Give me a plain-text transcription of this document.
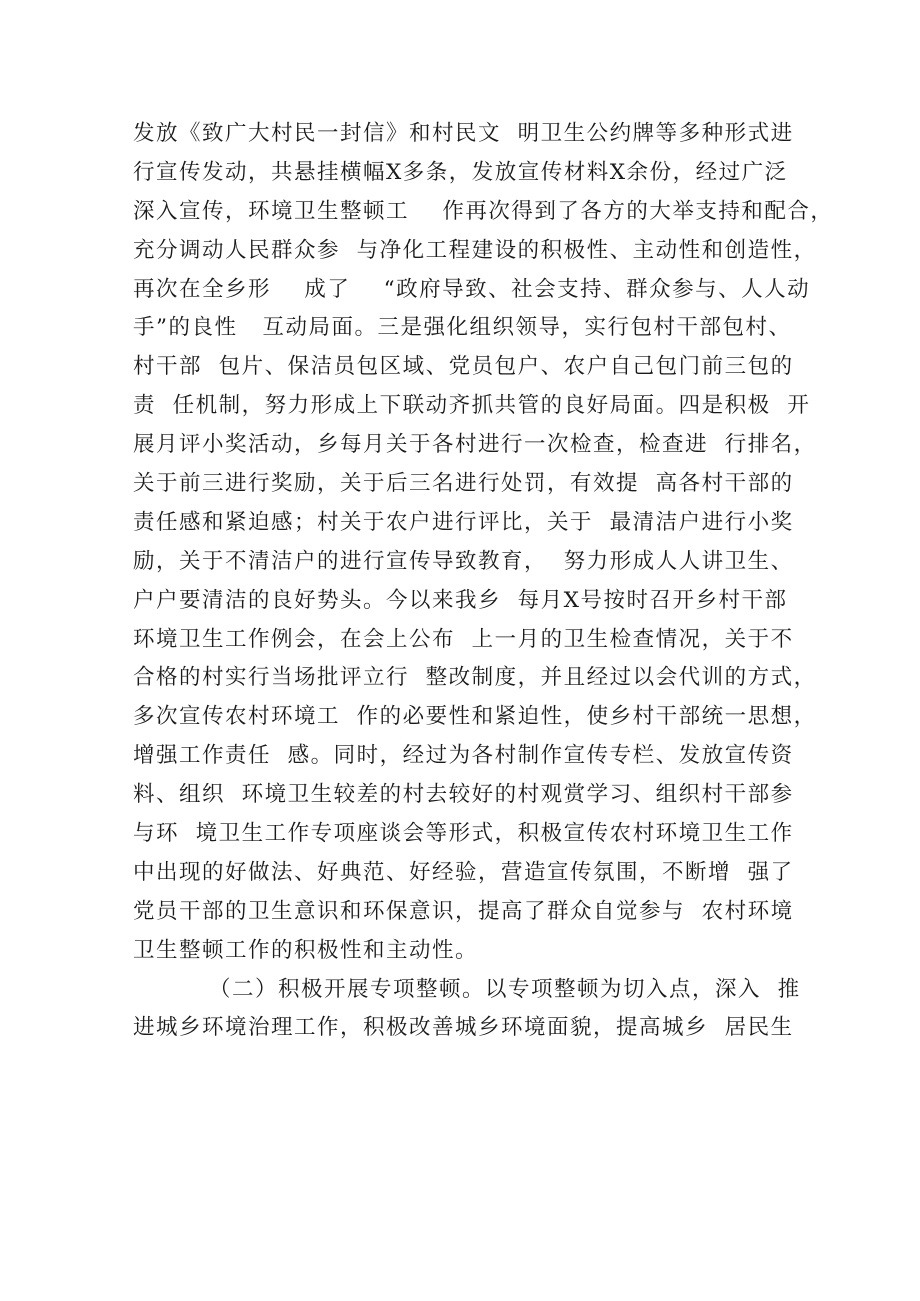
发放《致广大村民一封信》和村民文  明卫生公约牌等多种形式进
行宣传发动，共悬挂横幅X多条，发放宣传材料X余份，经过广泛
深入宣传，环境卫生整顿工    作再次得到了各方的大举支持和配合，
充分调动人民群众参  与净化工程建设的积极性、主动性和创造性，
再次在全乡形    成了    “政府导致、社会支持、群众参与、人人动
手”的良性   互动局面。三是强化组织领导，实行包村干部包村、
村干部  包片、保洁员包区域、党员包户、农户自己包门前三包的
责  任机制，努力形成上下联动齐抓共管的良好局面。四是积极  开
展月评小奖活动，乡每月关于各村进行一次检查，检查进  行排名，
关于前三进行奖励，关于后三名进行处罚，有效提  高各村干部的
责任感和紧迫感；村关于农户进行评比，关于  最清洁户进行小奖
励，关于不清洁户的进行宣传导致教育，  努力形成人人讲卫生、
户户要清洁的良好势头。今以来我乡  每月X号按时召开乡村干部
环境卫生工作例会，在会上公布  上一月的卫生检查情况，关于不
合格的村实行当场批评立行  整改制度，并且经过以会代训的方式，
多次宣传农村环境工  作的必要性和紧迫性，使乡村干部统一思想，
增强工作责任  感。同时，经过为各村制作宣传专栏、发放宣传资
料、组织  环境卫生较差的村去较好的村观赏学习、组织村干部参
与环  境卫生工作专项座谈会等形式，积极宣传农村环境卫生工作
中出现的好做法、好典范、好经验，营造宣传氛围，不断增  强了
党员干部的卫生意识和环保意识，提高了群众自觉参与  农村环境
卫生整顿工作的积极性和主动性。
（二）积极开展专项整顿。以专项整顿为切入点，深入  推
进城乡环境治理工作，积极改善城乡环境面貌，提高城乡  居民生
